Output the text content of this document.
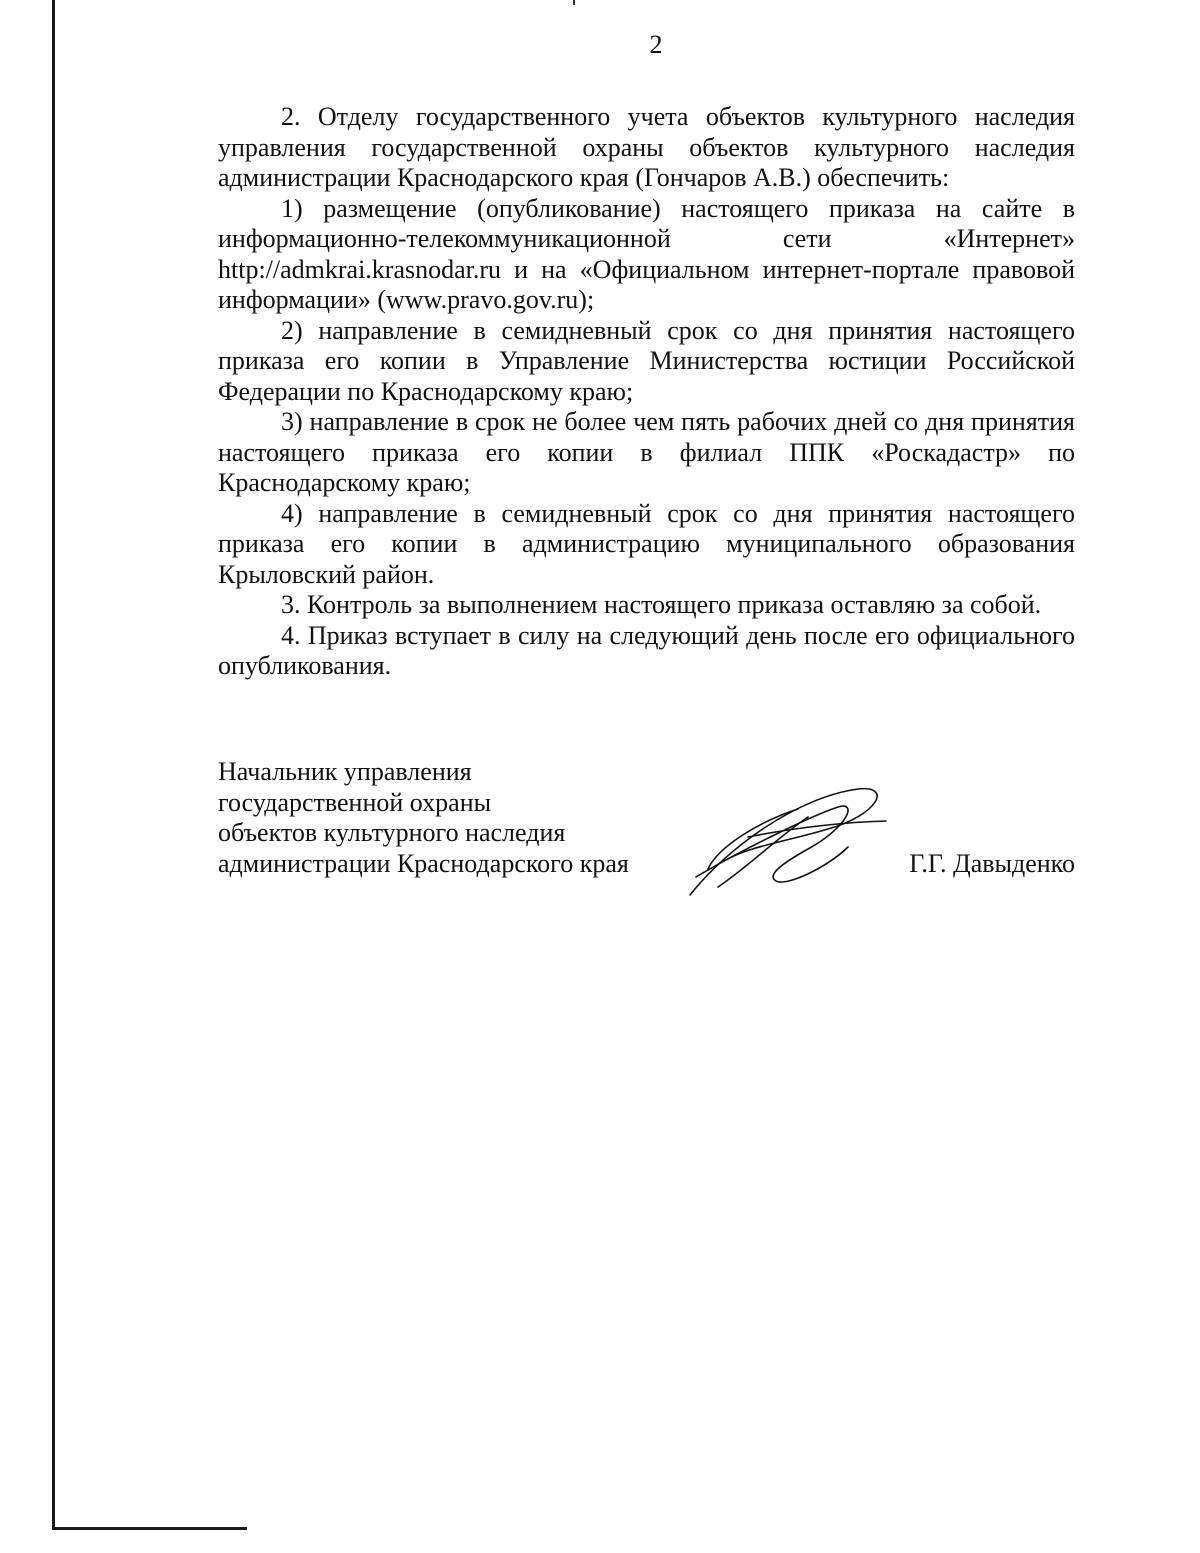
2

2. Отделу государственного учета объектов культурного наследия управления государственной охраны объектов культурного наследия администрации Краснодарского края (Гончаров А.В.) обеспечить:

1) размещение (опубликование) настоящего приказа на сайте в информационно-телекоммуникационной сети «Интернет» http://admkrai.krasnodar.ru и на «Официальном интернет-портале правовой информации» (www.pravo.gov.ru);

2) направление в семидневный срок со дня принятия настоящего приказа его копии в Управление Министерства юстиции Российской Федерации по Краснодарскому краю;

3) направление в срок не более чем пять рабочих дней со дня принятия настоящего приказа его копии в филиал ППК «Роскадастр» по Краснодарскому краю;

4) направление в семидневный срок со дня принятия настоящего приказа его копии в администрацию муниципального образования Крыловский район.

3. Контроль за выполнением настоящего приказа оставляю за собой.

4. Приказ вступает в силу на следующий день после его официального опубликования.

Начальник управления
государственной охраны
объектов культурного наследия
администрации Краснодарского края	Г.Г. Давыденко
